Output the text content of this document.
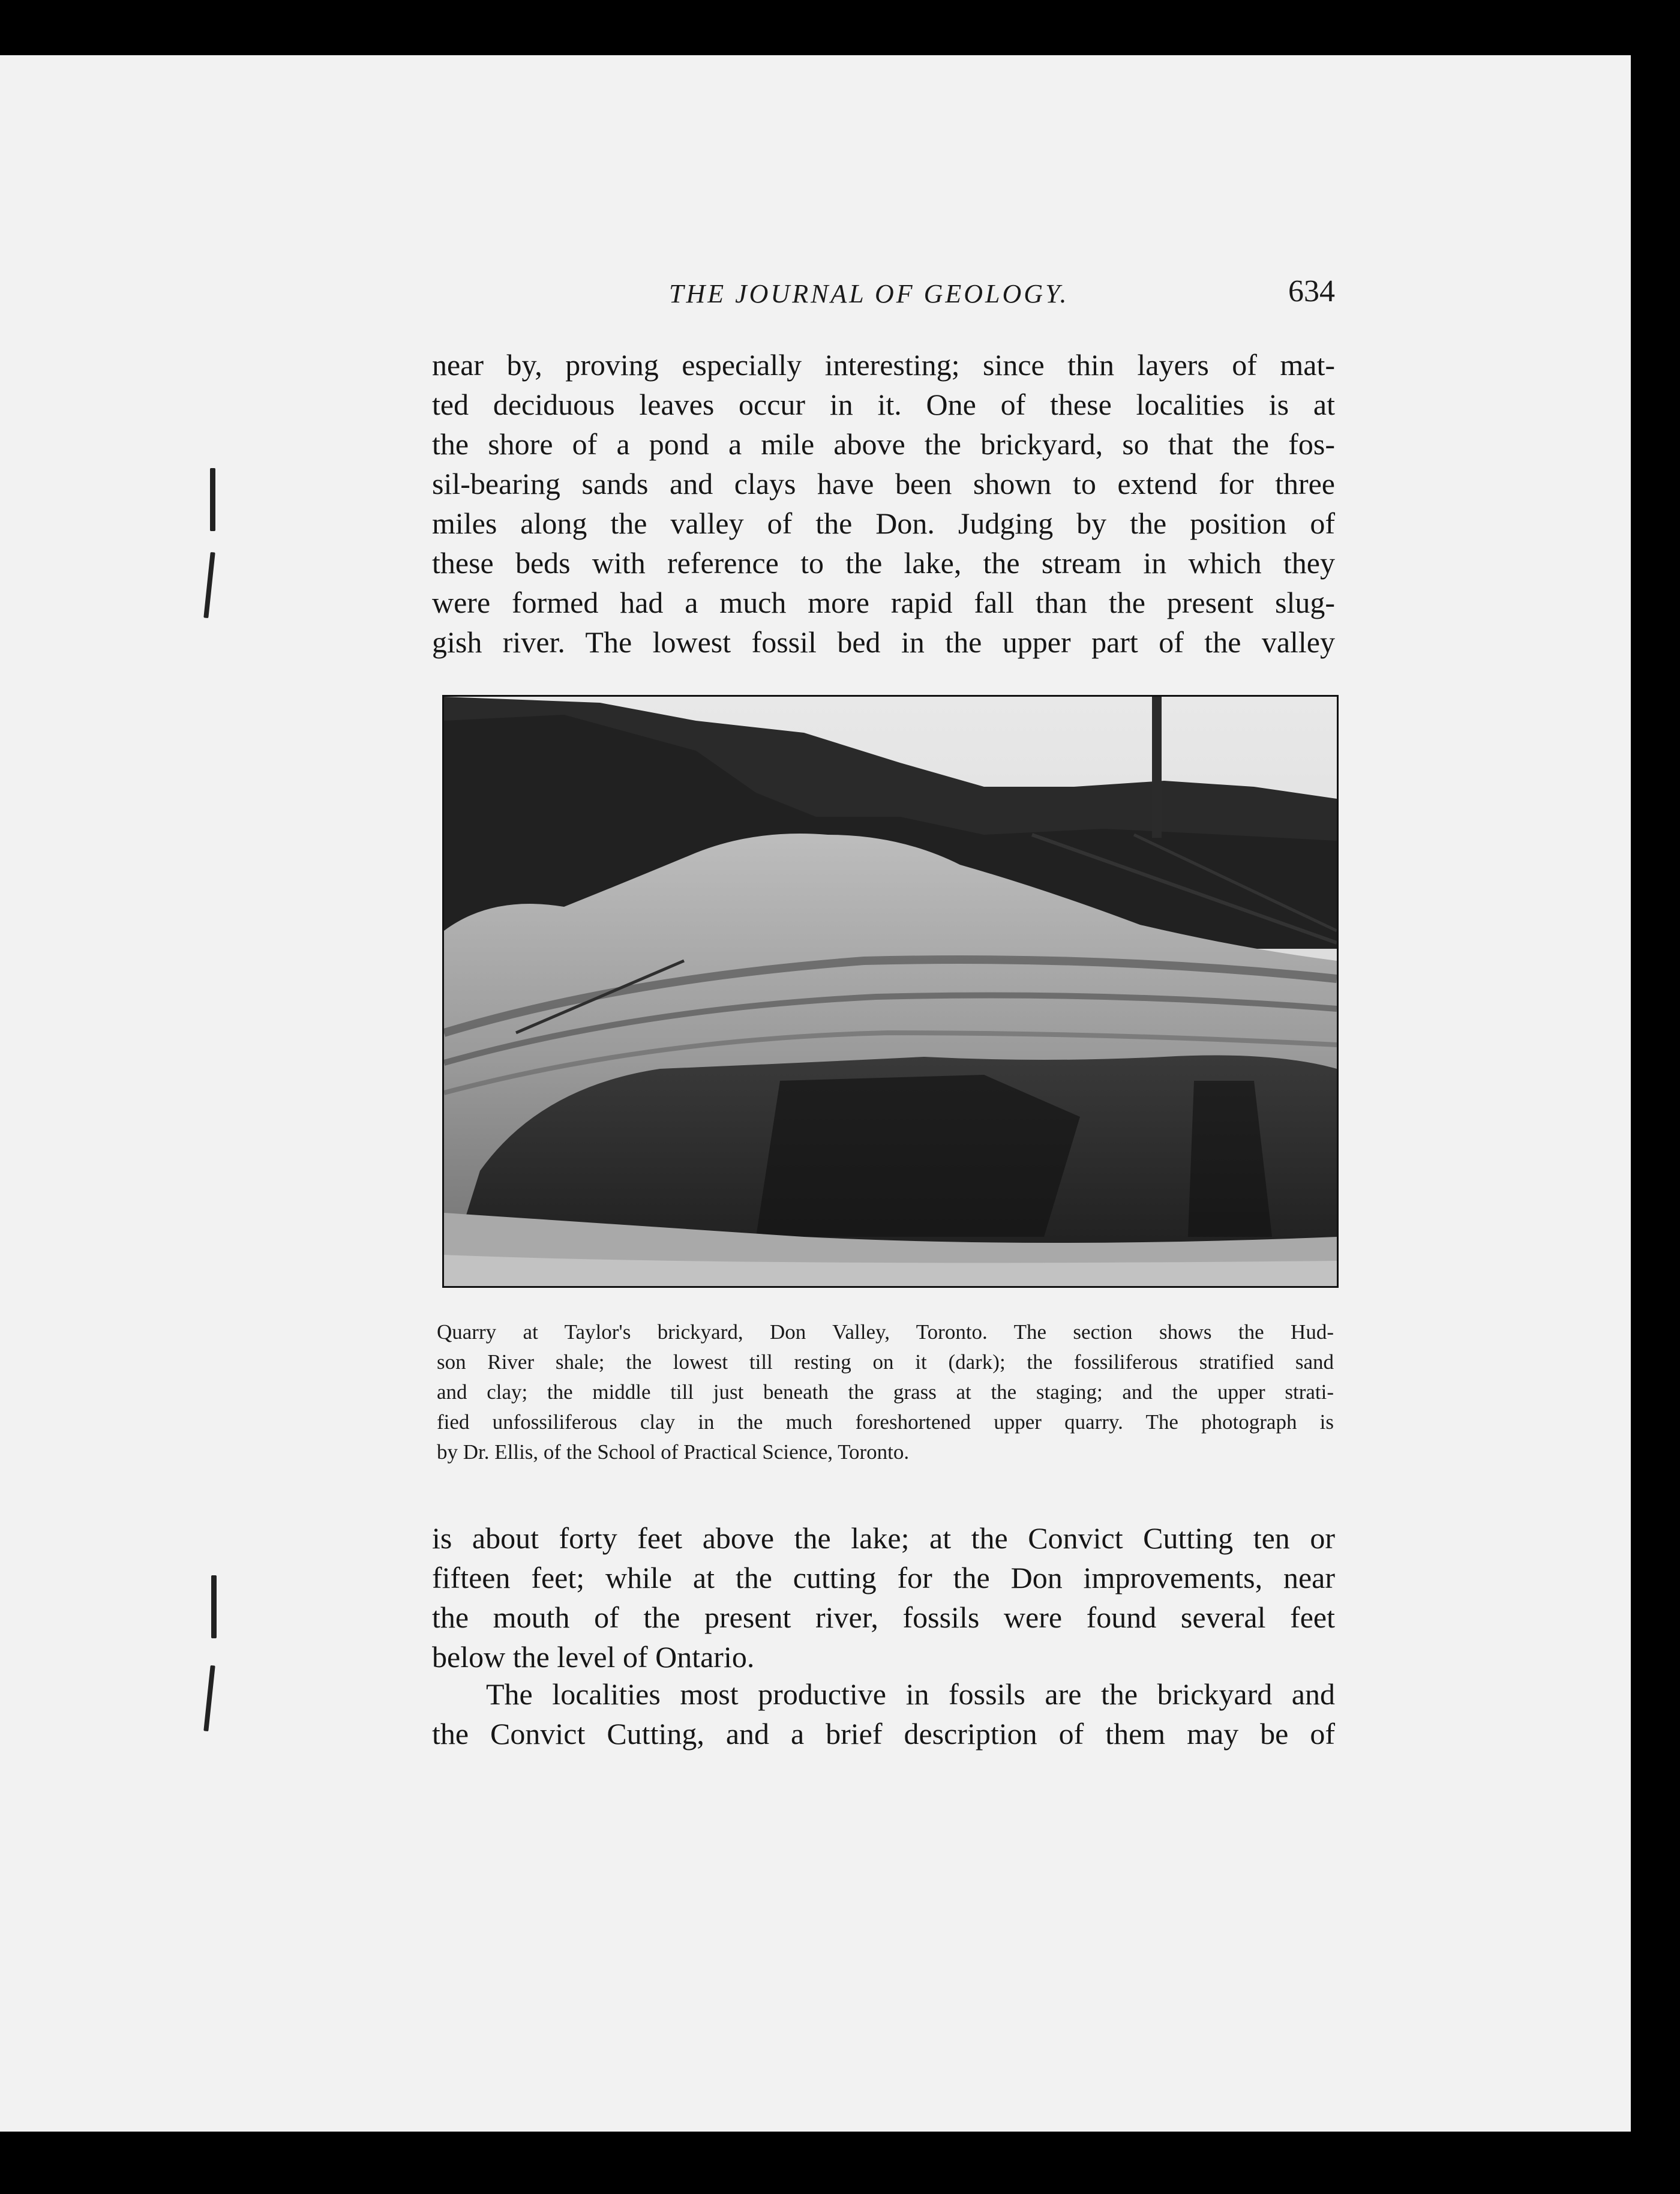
THE JOURNAL OF GEOLOGY.	634

near by, proving especially interesting; since thin layers of mat-
ted deciduous leaves occur in it. One of these localities is at
the shore of a pond a mile above the brickyard, so that the fos-
sil-bearing sands and clays have been shown to extend for three
miles along the valley of the Don. Judging by the position of
these beds with reference to the lake, the stream in which they
were formed had a much more rapid fall than the present slug-
gish river. The lowest fossil bed in the upper part of the valley

Quarry at Taylor's brickyard, Don Valley, Toronto. The section shows the Hud-
son River shale; the lowest till resting on it (dark); the fossiliferous stratified sand
and clay; the middle till just beneath the grass at the staging; and the upper strati-
fied unfossiliferous clay in the much foreshortened upper quarry. The photograph is
by Dr. Ellis, of the School of Practical Science, Toronto.

is about forty feet above the lake; at the Convict Cutting ten or
fifteen feet; while at the cutting for the Don improvements, near
the mouth of the present river, fossils were found several feet
below the level of Ontario.

The localities most productive in fossils are the brickyard and
the Convict Cutting, and a brief description of them may be of
